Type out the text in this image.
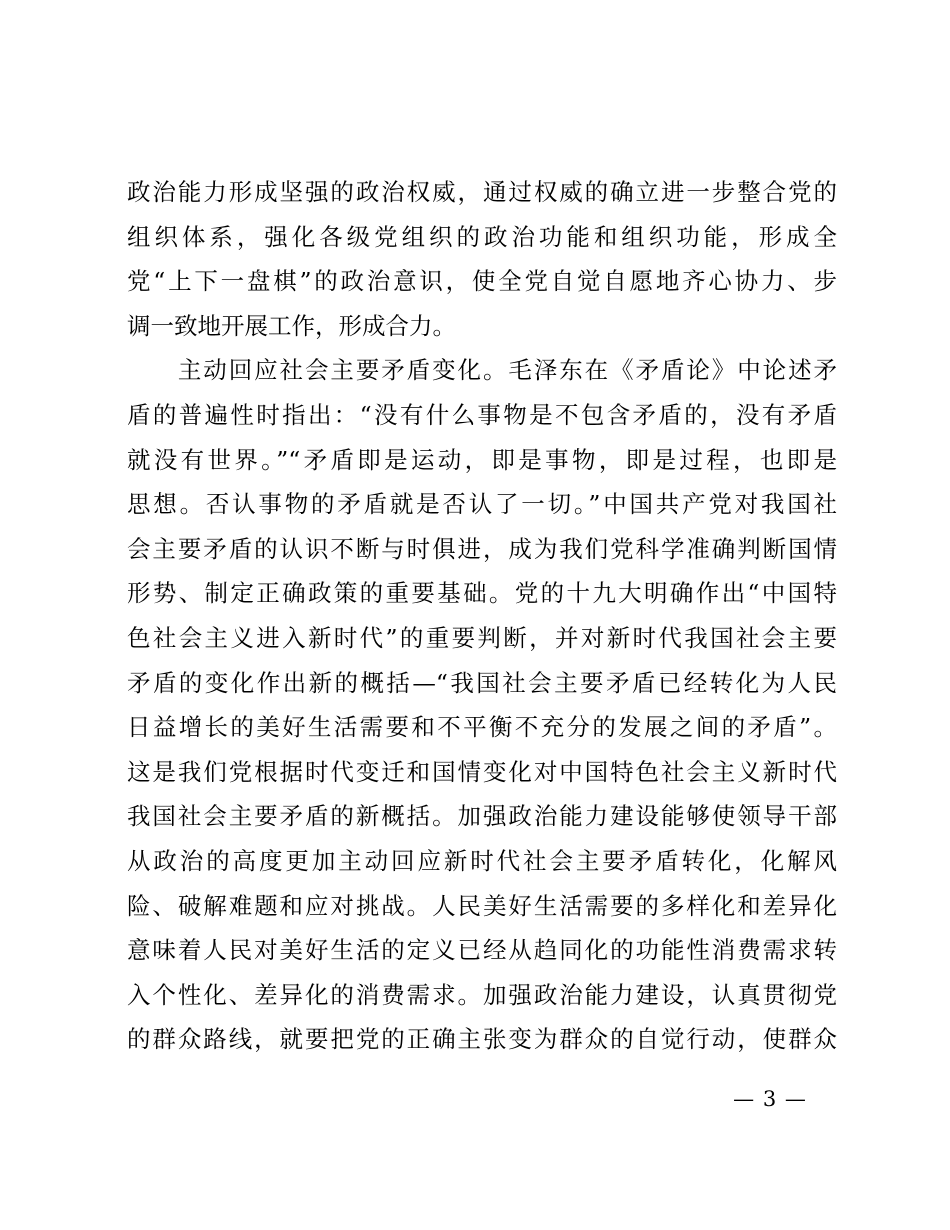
政治能力形成坚强的政治权威，通过权威的确立进一步整合党的
组织体系，强化各级党组织的政治功能和组织功能，形成全
党“上下一盘棋”的政治意识，使全党自觉自愿地齐心协力、步
调一致地开展工作，形成合力。
　　主动回应社会主要矛盾变化。毛泽东在《矛盾论》中论述矛
盾的普遍性时指出：“没有什么事物是不包含矛盾的，没有矛盾
就没有世界。”“矛盾即是运动，即是事物，即是过程，也即是
思想。否认事物的矛盾就是否认了一切。”中国共产党对我国社
会主要矛盾的认识不断与时俱进，成为我们党科学准确判断国情
形势、制定正确政策的重要基础。党的十九大明确作出“中国特
色社会主义进入新时代”的重要判断，并对新时代我国社会主要
矛盾的变化作出新的概括—“我国社会主要矛盾已经转化为人民
日益增长的美好生活需要和不平衡不充分的发展之间的矛盾”。
这是我们党根据时代变迁和国情变化对中国特色社会主义新时代
我国社会主要矛盾的新概括。加强政治能力建设能够使领导干部
从政治的高度更加主动回应新时代社会主要矛盾转化，化解风
险、破解难题和应对挑战。人民美好生活需要的多样化和差异化
意味着人民对美好生活的定义已经从趋同化的功能性消费需求转
入个性化、差异化的消费需求。加强政治能力建设，认真贯彻党
的群众路线，就要把党的正确主张变为群众的自觉行动，使群众
— 3 —
